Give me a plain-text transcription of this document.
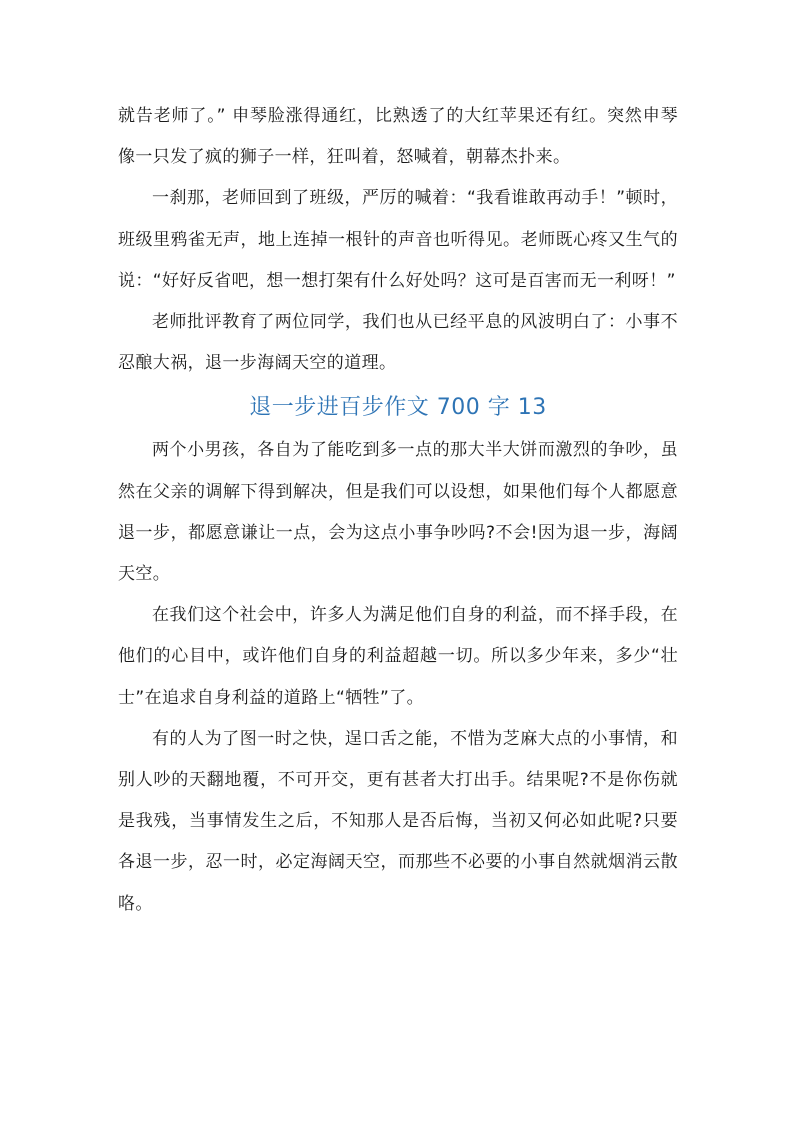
就告老师了。” 申琴脸涨得通红，比熟透了的大红苹果还有红。突然申琴像一只发了疯的狮子一样，狂叫着，怒喊着，朝幕杰扑来。

一刹那，老师回到了班级，严厉的喊着：“我看谁敢再动手！”顿时，班级里鸦雀无声，地上连掉一根针的声音也听得见。老师既心疼又生气的说：“好好反省吧，想一想打架有什么好处吗？这可是百害而无一利呀！”

老师批评教育了两位同学，我们也从已经平息的风波明白了：小事不忍酿大祸，退一步海阔天空的道理。

退一步进百步作文 700 字 13

两个小男孩，各自为了能吃到多一点的那大半大饼而激烈的争吵，虽然在父亲的调解下得到解决，但是我们可以设想，如果他们每个人都愿意退一步，都愿意谦让一点，会为这点小事争吵吗?不会!因为退一步，海阔天空。

在我们这个社会中，许多人为满足他们自身的利益，而不择手段，在他们的心目中，或许他们自身的利益超越一切。所以多少年来，多少“壮士”在追求自身利益的道路上“牺牲”了。

有的人为了图一时之快，逞口舌之能，不惜为芝麻大点的小事情，和别人吵的天翻地覆，不可开交，更有甚者大打出手。结果呢?不是你伤就是我残，当事情发生之后，不知那人是否后悔，当初又何必如此呢?只要各退一步，忍一时，必定海阔天空，而那些不必要的小事自然就烟消云散咯。
